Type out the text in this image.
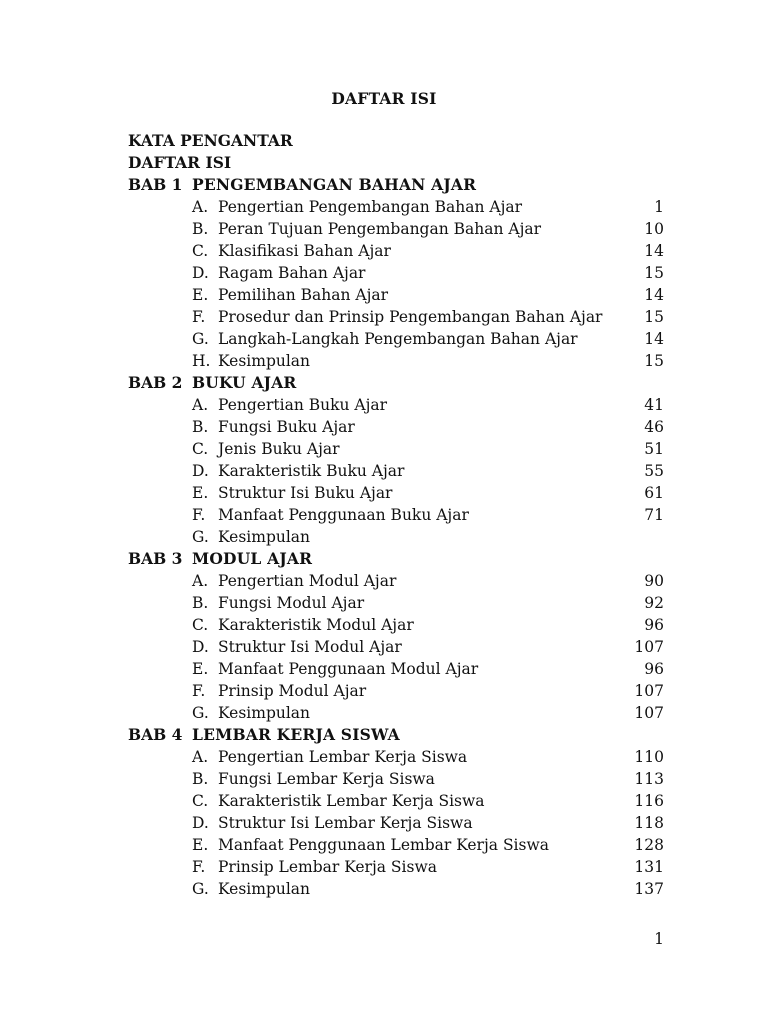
DAFTAR ISI
KATA PENGANTAR
DAFTAR ISI
BAB 1 PENGEMBANGAN BAHAN AJAR
A. Pengertian Pengembangan Bahan Ajar	1
B. Peran Tujuan Pengembangan Bahan Ajar	10
C. Klasifikasi Bahan Ajar	14
D. Ragam Bahan Ajar	15
E. Pemilihan Bahan Ajar	14
F. Prosedur dan Prinsip Pengembangan Bahan Ajar	15
G. Langkah-Langkah Pengembangan Bahan Ajar	14
H. Kesimpulan	15
BAB 2 BUKU AJAR
A. Pengertian Buku Ajar	41
B. Fungsi Buku Ajar	46
C. Jenis Buku Ajar	51
D. Karakteristik Buku Ajar	55
E. Struktur Isi Buku Ajar	61
F. Manfaat Penggunaan Buku Ajar	71
G. Kesimpulan
BAB 3 MODUL AJAR
A. Pengertian Modul Ajar	90
B. Fungsi Modul Ajar	92
C. Karakteristik Modul Ajar	96
D. Struktur Isi Modul Ajar	107
E. Manfaat Penggunaan Modul Ajar	96
F. Prinsip Modul Ajar	107
G. Kesimpulan	107
BAB 4 LEMBAR KERJA SISWA
A. Pengertian Lembar Kerja Siswa	110
B. Fungsi Lembar Kerja Siswa	113
C. Karakteristik Lembar Kerja Siswa	116
D. Struktur Isi Lembar Kerja Siswa	118
E. Manfaat Penggunaan Lembar Kerja Siswa	128
F. Prinsip Lembar Kerja Siswa	131
G. Kesimpulan	137
1
